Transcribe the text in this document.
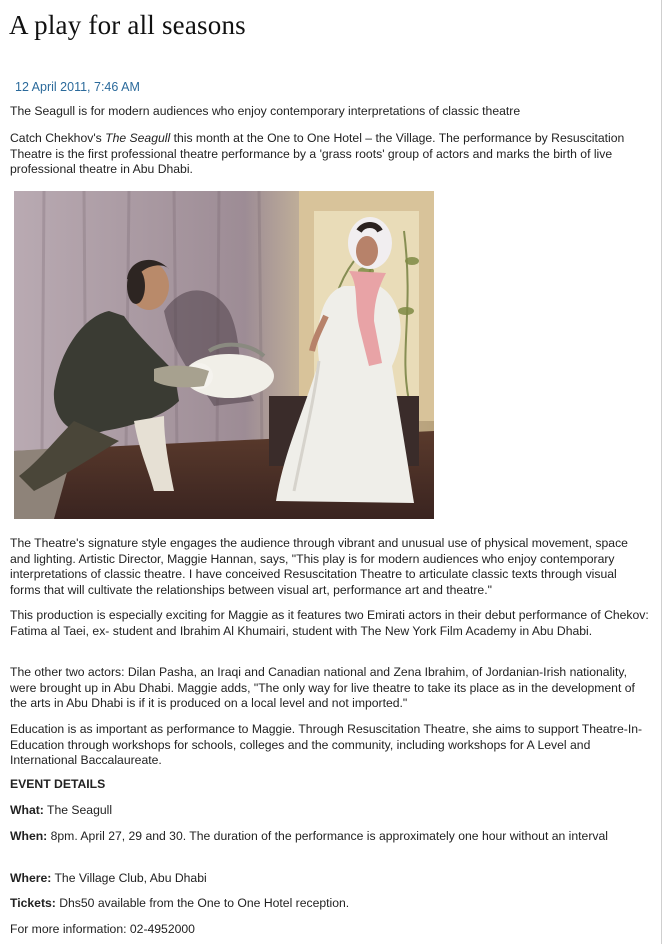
A play for all seasons
12 April 2011, 7:46 AM

The Seagull is for modern audiences who enjoy contemporary interpretations of classic theatre

Catch Chekhov's The Seagull this month at the One to One Hotel – the Village. The performance by Resuscitation Theatre is the first professional theatre performance by a 'grass roots' group of actors and marks the birth of live professional theatre in Abu Dhabi.

The Theatre's signature style engages the audience through vibrant and unusual use of physical movement, space and lighting. Artistic Director, Maggie Hannan, says, "This play is for modern audiences who enjoy contemporary interpretations of classic theatre. I have conceived Resuscitation Theatre to articulate classic texts through visual forms that will cultivate the relationships between visual art, performance art and theatre."

This production is especially exciting for Maggie as it features two Emirati actors in their debut performance of Chekov: Fatima al Taei, ex- student and Ibrahim Al Khumairi, student with The New York Film Academy in Abu Dhabi.

The other two actors: Dilan Pasha, an Iraqi and Canadian national and Zena Ibrahim, of Jordanian-Irish nationality, were brought up in Abu Dhabi. Maggie adds, "The only way for live theatre to take its place as in the development of the arts in Abu Dhabi is if it is produced on a local level and not imported."

Education is as important as performance to Maggie. Through Resuscitation Theatre, she aims to support Theatre-In-Education through workshops for schools, colleges and the community, including workshops for A Level and International Baccalaureate.

EVENT DETAILS

What: The Seagull

When: 8pm. April 27, 29 and 30. The duration of the performance is approximately one hour without an interval

Where: The Village Club, Abu Dhabi

Tickets: Dhs50 available from the One to One Hotel reception.

For more information: 02-4952000
